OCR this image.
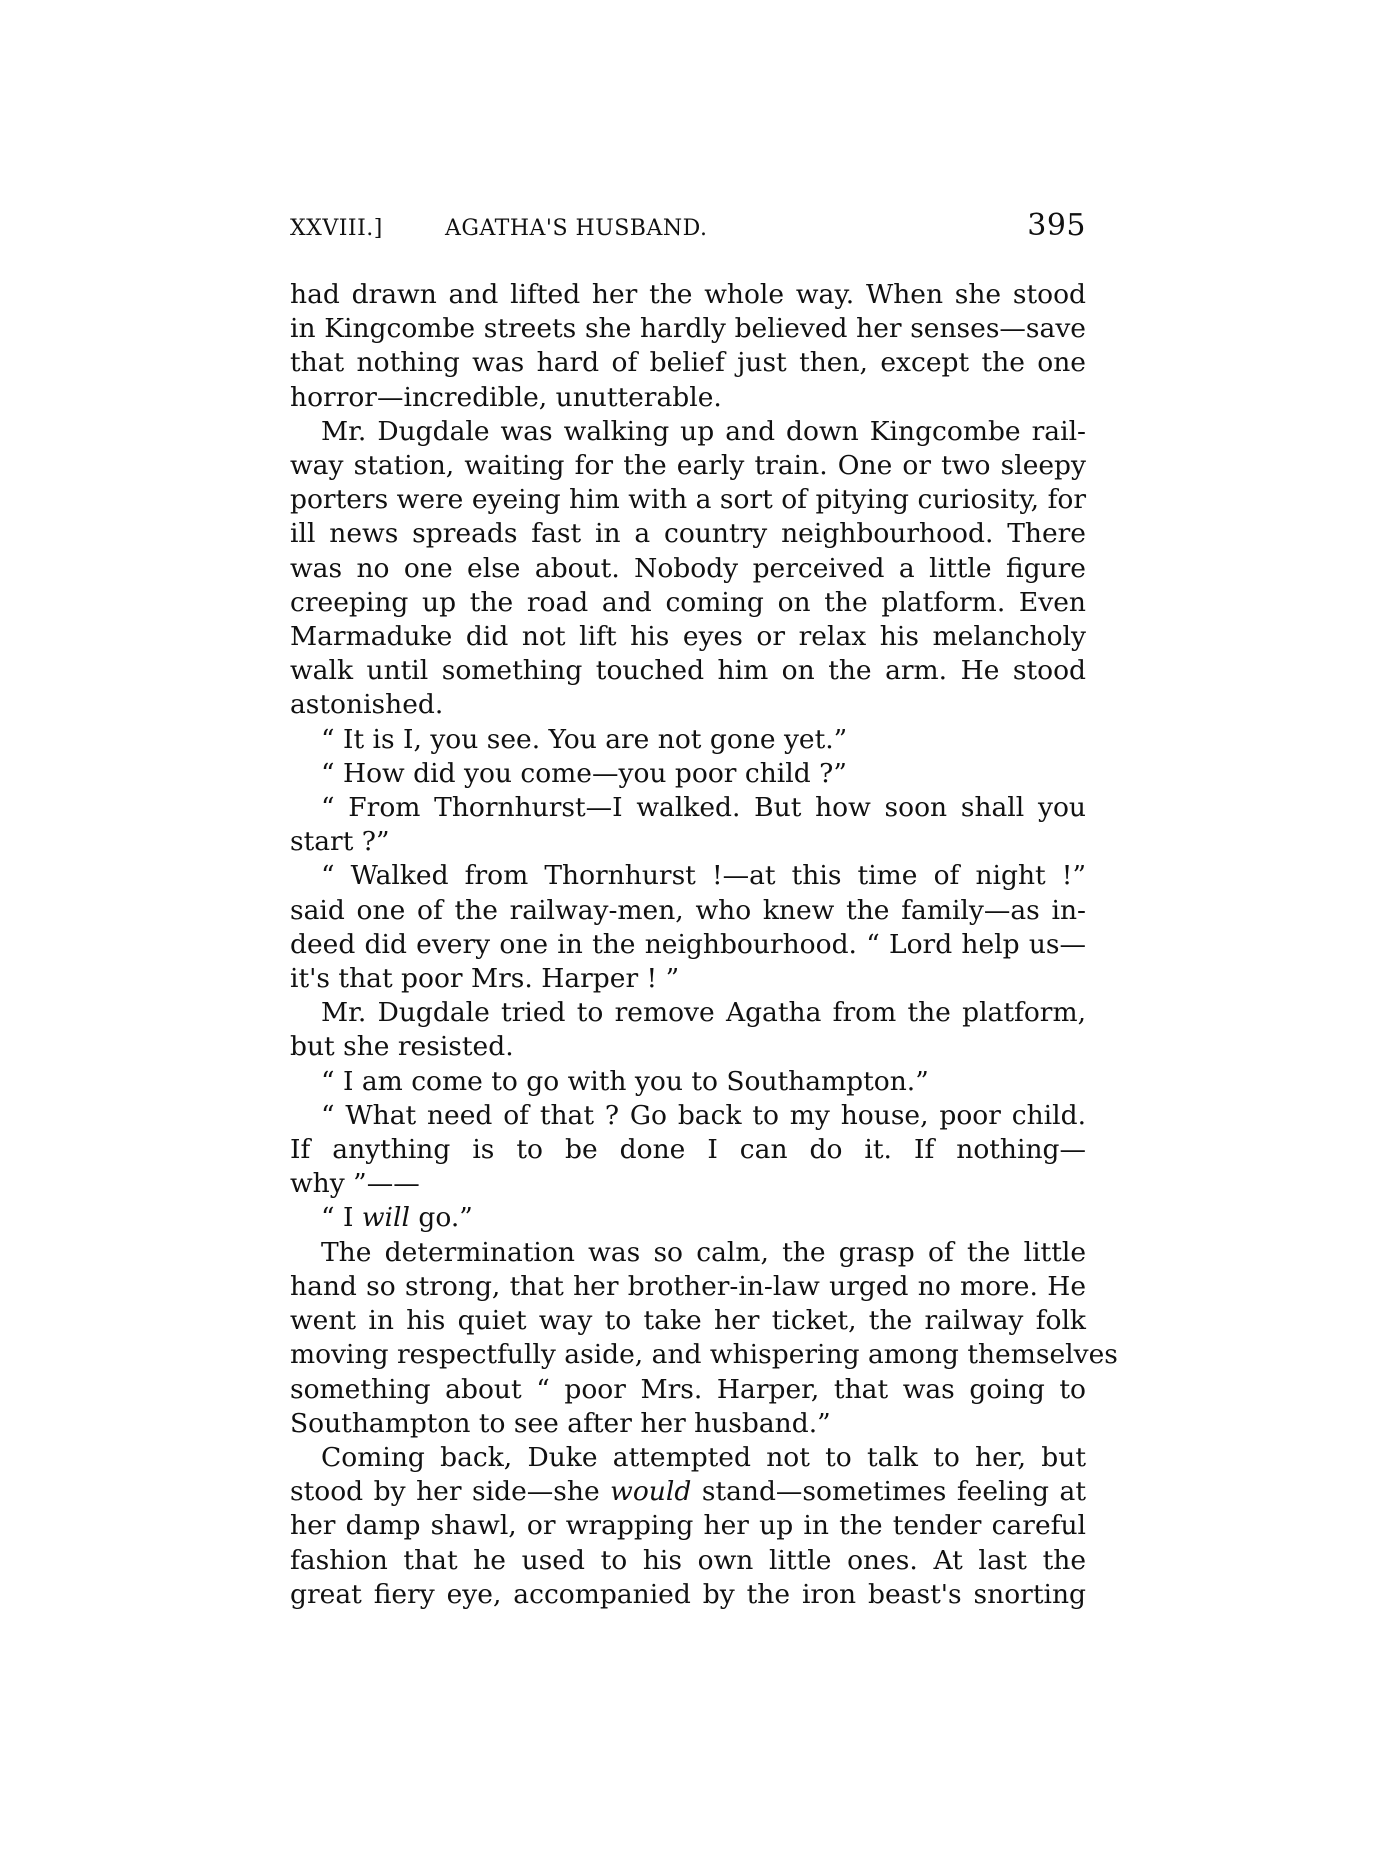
XXVIII.]	AGATHA'S HUSBAND.	395
had drawn and lifted her the whole way. When she stood
in Kingcombe streets she hardly believed her senses—save
that nothing was hard of belief just then, except the one
horror—incredible, unutterable.
Mr. Dugdale was walking up and down Kingcombe rail-
way station, waiting for the early train. One or two sleepy
porters were eyeing him with a sort of pitying curiosity, for
ill news spreads fast in a country neighbourhood. There
was no one else about. Nobody perceived a little figure
creeping up the road and coming on the platform. Even
Marmaduke did not lift his eyes or relax his melancholy
walk until something touched him on the arm. He stood
astonished.
“ It is I, you see. You are not gone yet.”
“ How did you come—you poor child ?”
“ From Thornhurst—I walked. But how soon shall you
start ?”
“ Walked from Thornhurst !—at this time of night !”
said one of the railway-men, who knew the family—as in-
deed did every one in the neighbourhood. “ Lord help us—
it's that poor Mrs. Harper ! ”
Mr. Dugdale tried to remove Agatha from the platform,
but she resisted.
“ I am come to go with you to Southampton.”
“ What need of that ? Go back to my house, poor child.
If anything is to be done I can do it. If nothing—
why ”——
“ I will go.”
The determination was so calm, the grasp of the little
hand so strong, that her brother-in-law urged no more. He
went in his quiet way to take her ticket, the railway folk
moving respectfully aside, and whispering among themselves
something about “ poor Mrs. Harper, that was going to
Southampton to see after her husband.”
Coming back, Duke attempted not to talk to her, but
stood by her side—she would stand—sometimes feeling at
her damp shawl, or wrapping her up in the tender careful
fashion that he used to his own little ones. At last the
great fiery eye, accompanied by the iron beast's snorting
